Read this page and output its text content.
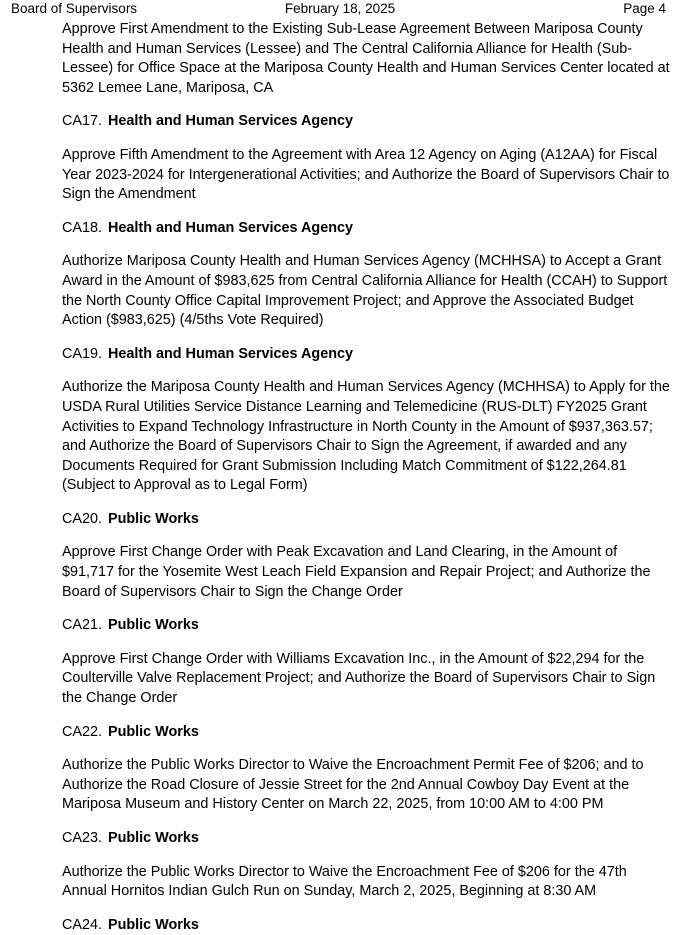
Board of Supervisors	February 18, 2025	Page 4

Approve First Amendment to the Existing Sub-Lease Agreement Between Mariposa County Health and Human Services (Lessee) and The Central California Alliance for Health (Sub-Lessee) for Office Space at the Mariposa County Health and Human Services Center located at 5362 Lemee Lane, Mariposa, CA

CA17. Health and Human Services Agency

Approve Fifth Amendment to the Agreement with Area 12 Agency on Aging (A12AA) for Fiscal Year 2023-2024 for Intergenerational Activities; and Authorize the Board of Supervisors Chair to Sign the Amendment

CA18. Health and Human Services Agency

Authorize Mariposa County Health and Human Services Agency (MCHHSA) to Accept a Grant Award in the Amount of $983,625 from Central California Alliance for Health (CCAH) to Support the North County Office Capital Improvement Project; and Approve the Associated Budget Action ($983,625) (4/5ths Vote Required)

CA19. Health and Human Services Agency

Authorize the Mariposa County Health and Human Services Agency (MCHHSA) to Apply for the USDA Rural Utilities Service Distance Learning and Telemedicine (RUS-DLT) FY2025 Grant Activities to Expand Technology Infrastructure in North County in the Amount of $937,363.57; and Authorize the Board of Supervisors Chair to Sign the Agreement, if awarded and any Documents Required for Grant Submission Including Match Commitment of $122,264.81 (Subject to Approval as to Legal Form)

CA20. Public Works

Approve First Change Order with Peak Excavation and Land Clearing, in the Amount of $91,717 for the Yosemite West Leach Field Expansion and Repair Project; and Authorize the Board of Supervisors Chair to Sign the Change Order

CA21. Public Works

Approve First Change Order with Williams Excavation Inc., in the Amount of $22,294 for the Coulterville Valve Replacement Project; and Authorize the Board of Supervisors Chair to Sign the Change Order

CA22. Public Works

Authorize the Public Works Director to Waive the Encroachment Permit Fee of $206; and to Authorize the Road Closure of Jessie Street for the 2nd Annual Cowboy Day Event at the Mariposa Museum and History Center on March 22, 2025, from 10:00 AM to 4:00 PM

CA23. Public Works

Authorize the Public Works Director to Waive the Encroachment Fee of $206 for the 47th Annual Hornitos Indian Gulch Run on Sunday, March 2, 2025, Beginning at 8:30 AM

CA24. Public Works
